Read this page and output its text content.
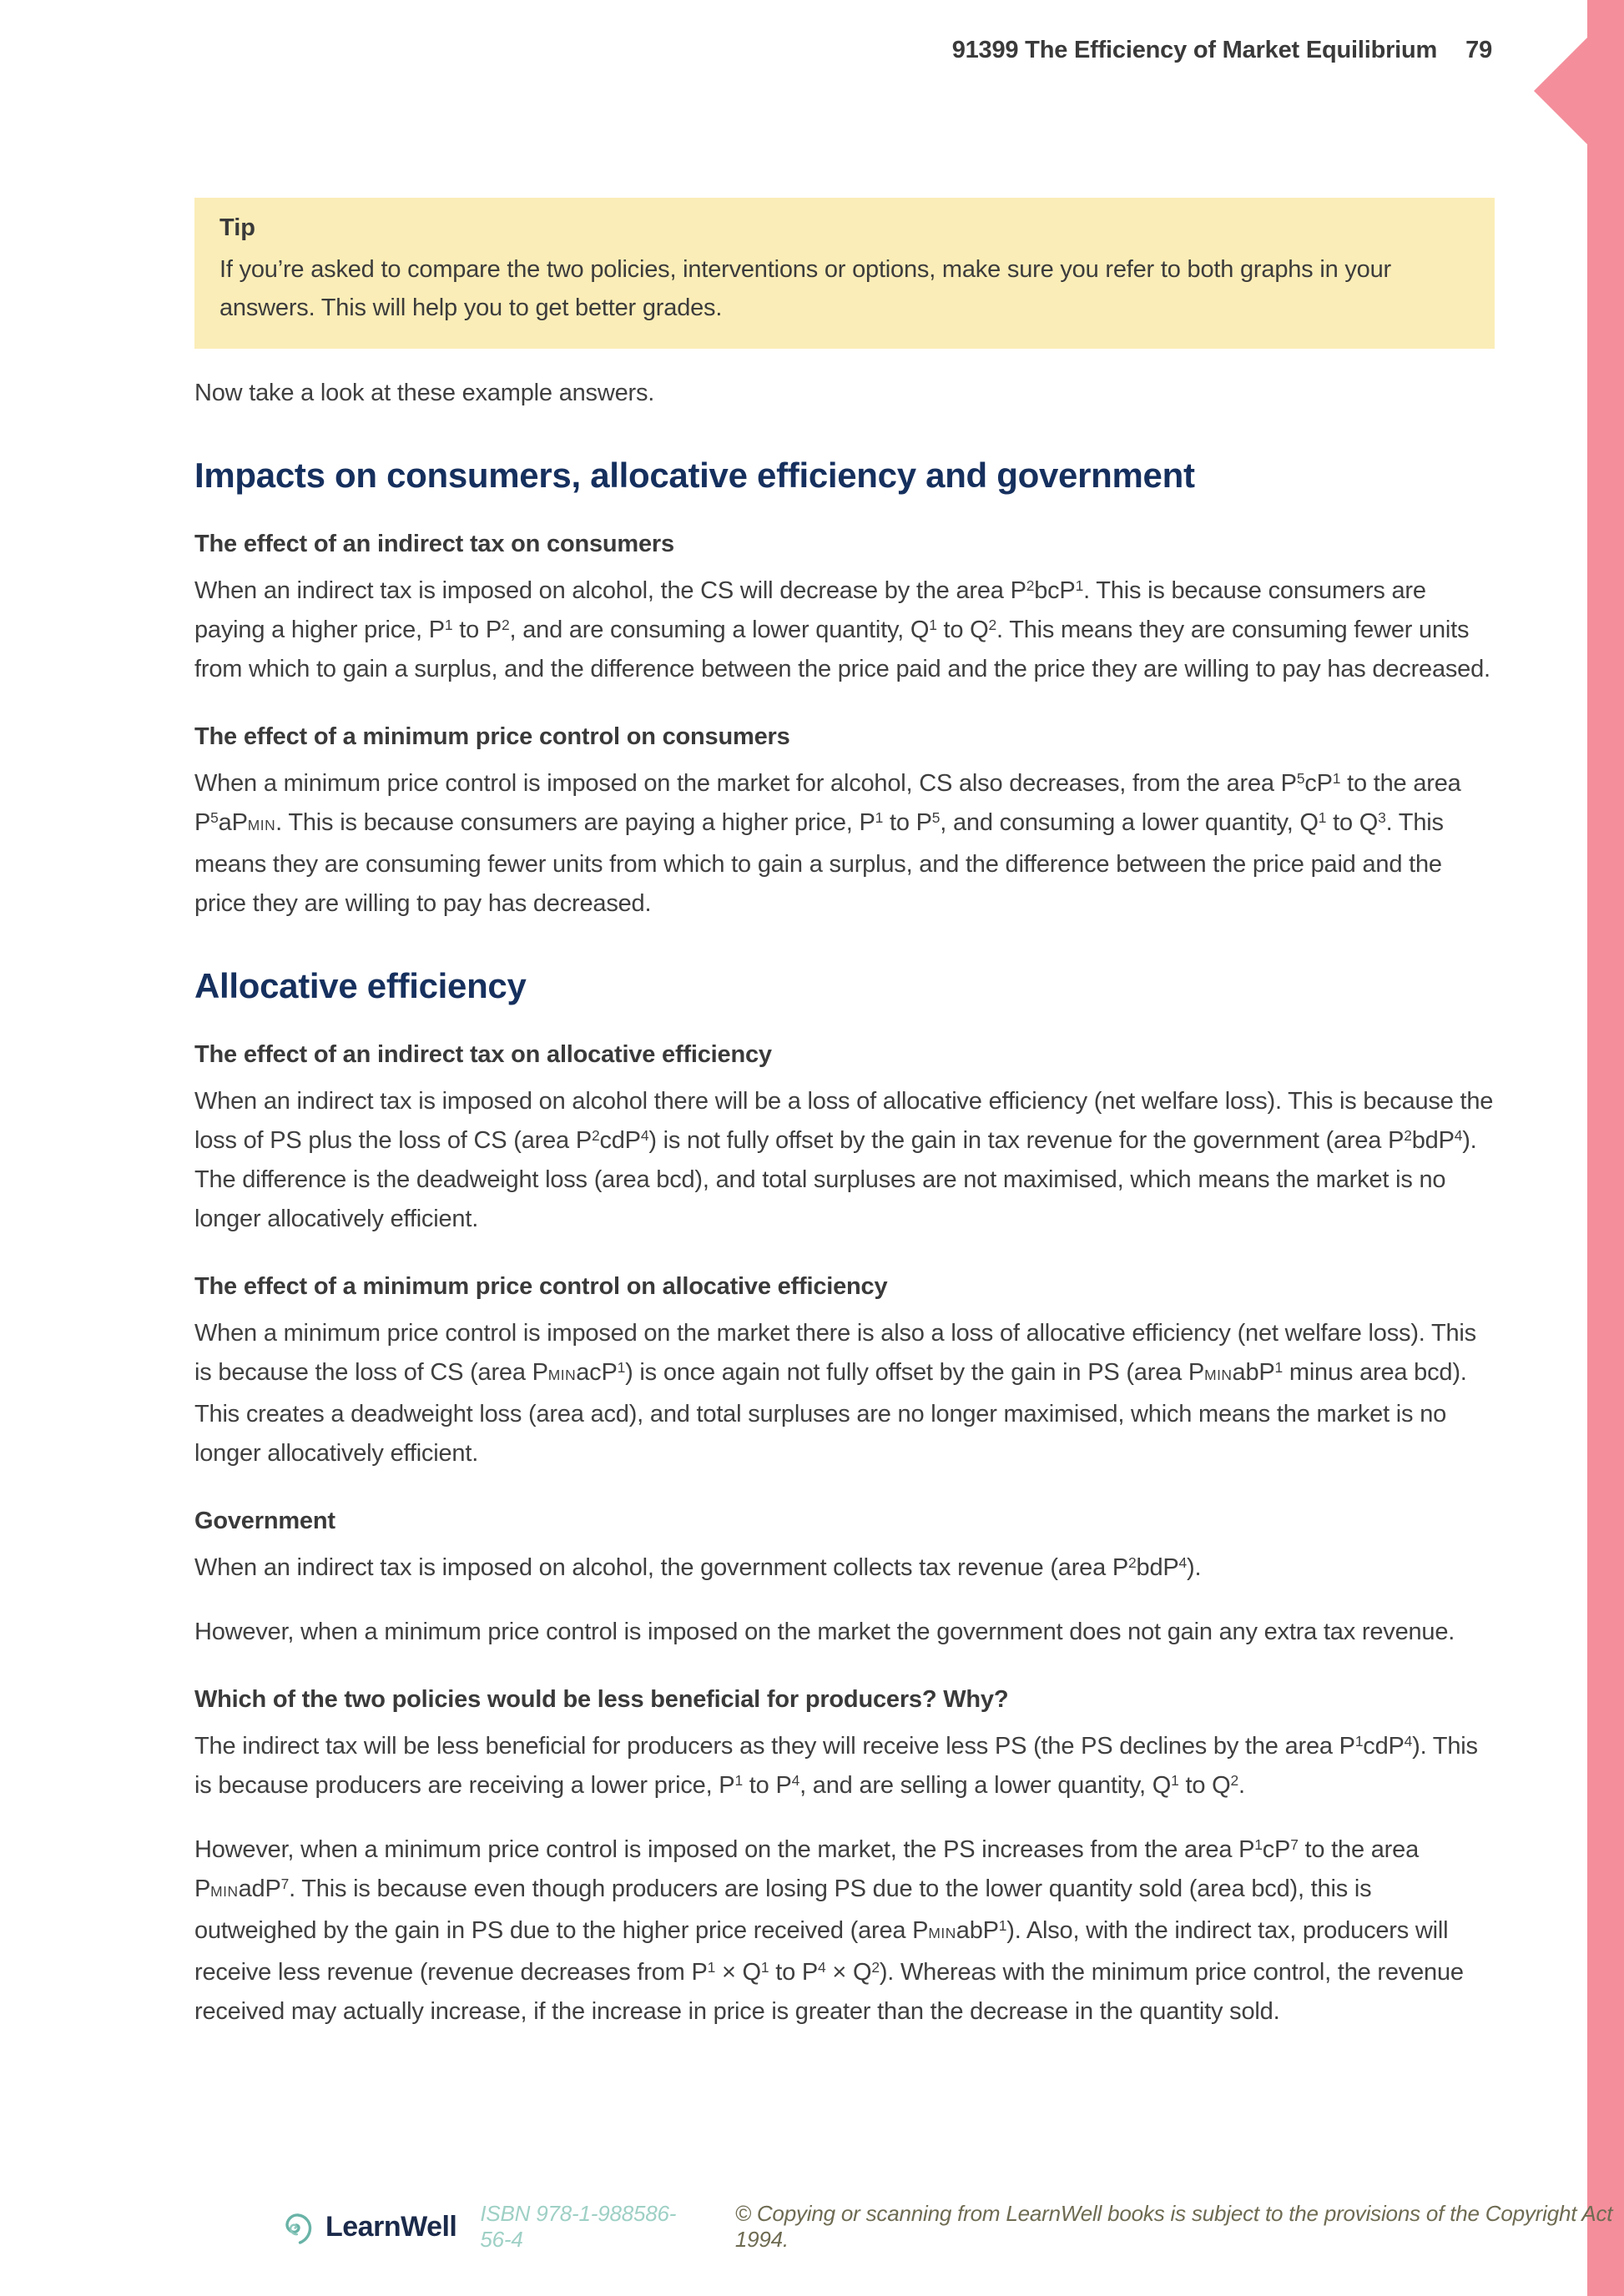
91399 The Efficiency of Market Equilibrium 79

Tip

If you’re asked to compare the two policies, interventions or options, make sure you refer to both graphs in your answers. This will help you to get better grades.

Now take a look at these example answers.

Impacts on consumers, allocative efficiency and government
The effect of an indirect tax on consumers

When an indirect tax is imposed on alcohol, the CS will decrease by the area $P^2bcP^1$. This is because consumers are paying a higher price, $P^1$ to $P^2$, and are consuming a lower quantity, $Q^1$ to $Q^2$. This means they are consuming fewer units from which to gain a surplus, and the difference between the price paid and the price they are willing to pay has decreased.

The effect of a minimum price control on consumers

When a minimum price control is imposed on the market for alcohol, CS also decreases, from the area $P^5cP^1$ to the area $P^5aPMIN$. This is because consumers are paying a higher price, $P^1$ to $P^5$, and consuming a lower quantity, $Q^1$ to $Q^3$. This means they are consuming fewer units from which to gain a surplus, and the difference between the price paid and the price they are willing to pay has decreased.

Allocative efficiency
The effect of an indirect tax on allocative efficiency

When an indirect tax is imposed on alcohol there will be a loss of allocative efficiency (net welfare loss). This is because the loss of PS plus the loss of CS (area $P^2cdP^4$) is not fully offset by the gain in tax revenue for the government (area $P^2bdP^4$). The difference is the deadweight loss (area bcd), and total surpluses are not maximised, which means the market is no longer allocatively efficient.

The effect of a minimum price control on allocative efficiency

When a minimum price control is imposed on the market there is also a loss of allocative efficiency (net welfare loss). This is because the loss of CS (area PMINacP$^1$) is once again not fully offset by the gain in PS (area PMINabP$^1$ minus area bcd). This creates a deadweight loss (area acd), and total surpluses are no longer maximised, which means the market is no longer allocatively efficient.

Government

When an indirect tax is imposed on alcohol, the government collects tax revenue (area $P^2bdP^4$).

However, when a minimum price control is imposed on the market the government does not gain any extra tax revenue.

Which of the two policies would be less beneficial for producers? Why?

The indirect tax will be less beneficial for producers as they will receive less PS (the PS declines by the area $P^1cdP^4$). This is because producers are receiving a lower price, $P^1$ to $P^4$, and are selling a lower quantity, $Q^1$ to $Q^2$.

However, when a minimum price control is imposed on the market, the PS increases from the area $P^1cP^7$ to the area PMINadP$^7$. This is because even though producers are losing PS due to the lower quantity sold (area bcd), this is outweighed by the gain in PS due to the higher price received (area PMINabP$^1$). Also, with the indirect tax, producers will receive less revenue (revenue decreases from $P^1 \times Q^1$ to $P^4 \times Q^2$). Whereas with the minimum price control, the revenue received may actually increase, if the increase in price is greater than the decrease in the quantity sold.

LearnWell ISBN 978-1-988586-56-4
© Copying or scanning from LearnWell books is subject to the provisions of the Copyright Act 1994.
